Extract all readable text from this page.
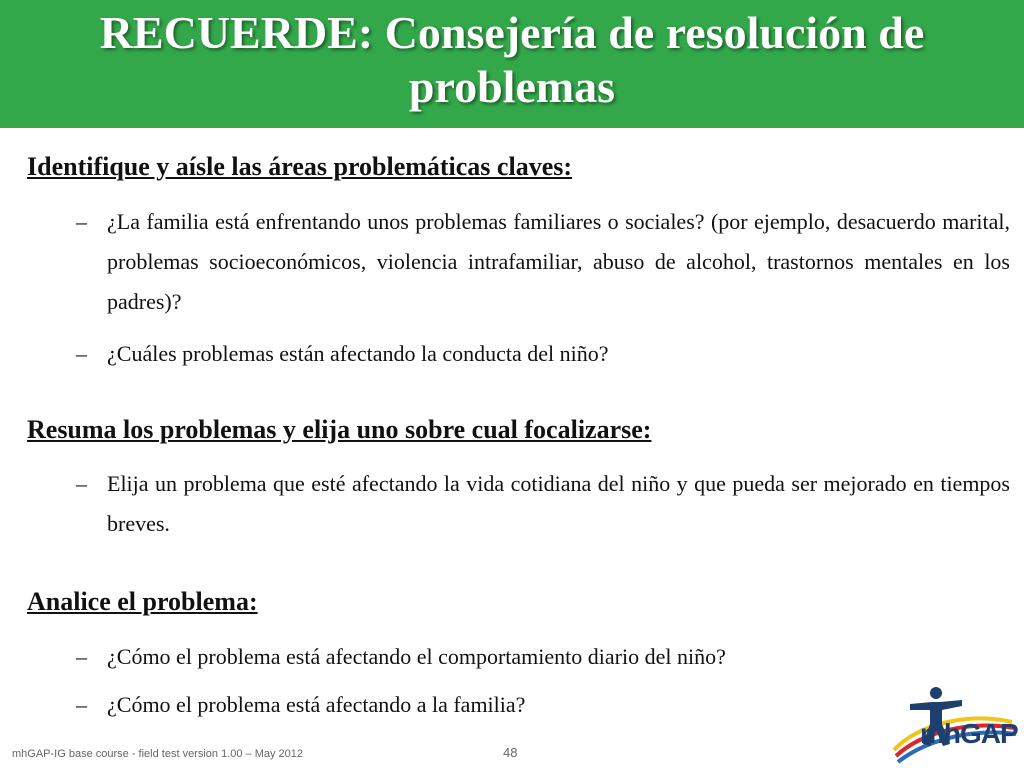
RECUERDE: Consejería de resolución de problemas
Identifique y aísle las áreas problemáticas claves:
– ¿La familia está enfrentando unos problemas familiares o sociales? (por ejemplo, desacuerdo marital, problemas socioeconómicos, violencia intrafamiliar, abuso de alcohol, trastornos mentales en los padres)?
– ¿Cuáles problemas están afectando la conducta del niño?
Resuma los problemas y elija uno sobre cual focalizarse:
– Elija un problema que esté afectando la vida cotidiana del niño y que pueda ser mejorado en tiempos breves.
Analice el problema:
– ¿Cómo el problema está afectando el comportamiento diario del niño?
– ¿Cómo el problema está afectando a la familia?
mhGAP-IG base course - field test version 1.00 – May 2012	48
mhGAP
